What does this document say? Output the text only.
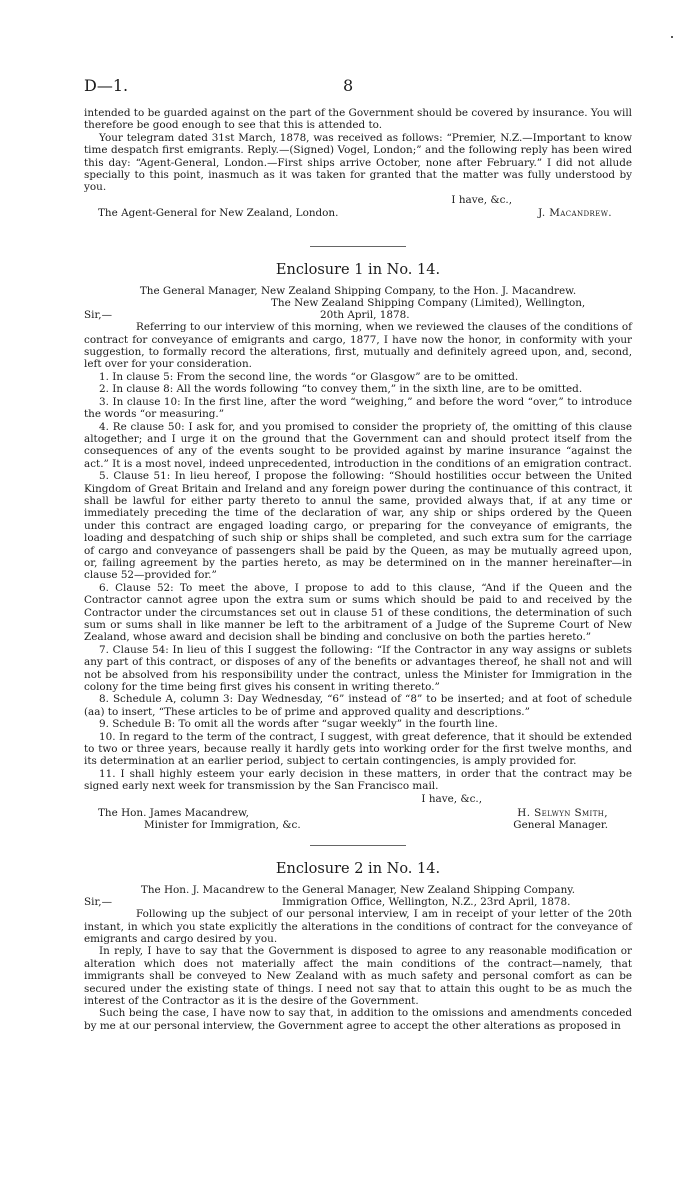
D—1.	8

intended to be guarded against on the part of the Government should be covered by insurance. You will therefore be good enough to see that this is attended to.

Your telegram dated 31st March, 1878, was received as follows: “Premier, N.Z.—Important to know time despatch first emigrants. Reply.—(Signed) Vogel, London;” and the following reply has been wired this day: “Agent-General, London.—First ships arrive October, none after February.” I did not allude specially to this point, inasmuch as it was taken for granted that the matter was fully understood by you.

I have, &c.,
The Agent-General for New Zealand, London.	J. Macandrew.
Enclosure 1 in No. 14.
The General Manager, New Zealand Shipping Company, to the Hon. J. Macandrew.
The New Zealand Shipping Company (Limited), Wellington,
Sir,—	20th April, 1878.

Referring to our interview of this morning, when we reviewed the clauses of the conditions of contract for conveyance of emigrants and cargo, 1877, I have now the honor, in conformity with your suggestion, to formally record the alterations, first, mutually and definitely agreed upon, and, second, left over for your consideration.

1. In clause 5: From the second line, the words “or Glasgow” are to be omitted.

2. In clause 8: All the words following “to convey them,” in the sixth line, are to be omitted.

3. In clause 10: In the first line, after the word “weighing,” and before the word “over,” to introduce the words “or measuring.”

4. Re clause 50: I ask for, and you promised to consider the propriety of, the omitting of this clause altogether; and I urge it on the ground that the Government can and should protect itself from the consequences of any of the events sought to be provided against by marine insurance “against the act.” It is a most novel, indeed unprecedented, introduction in the conditions of an emigration contract.

5. Clause 51: In lieu hereof, I propose the following: “Should hostilities occur between the United Kingdom of Great Britain and Ireland and any foreign power during the continuance of this contract, it shall be lawful for either party thereto to annul the same, provided always that, if at any time or immediately preceding the time of the declaration of war, any ship or ships ordered by the Queen under this contract are engaged loading cargo, or preparing for the conveyance of emigrants, the loading and despatching of such ship or ships shall be completed, and such extra sum for the carriage of cargo and conveyance of passengers shall be paid by the Queen, as may be mutually agreed upon, or, failing agreement by the parties hereto, as may be determined on in the manner hereinafter—in clause 52—provided for.”

6. Clause 52: To meet the above, I propose to add to this clause, “And if the Queen and the Contractor cannot agree upon the extra sum or sums which should be paid to and received by the Contractor under the circumstances set out in clause 51 of these conditions, the determination of such sum or sums shall in like manner be left to the arbitrament of a Judge of the Supreme Court of New Zealand, whose award and decision shall be binding and conclusive on both the parties hereto.”

7. Clause 54: In lieu of this I suggest the following: “If the Contractor in any way assigns or sublets any part of this contract, or disposes of any of the benefits or advantages thereof, he shall not and will not be absolved from his responsibility under the contract, unless the Minister for Immigration in the colony for the time being first gives his consent in writing thereto.”

8. Schedule A, column 3: Day Wednesday, “6” instead of “8” to be inserted; and at foot of schedule (aa) to insert, “These articles to be of prime and approved quality and descriptions.”

9. Schedule B: To omit all the words after “sugar weekly” in the fourth line.

10. In regard to the term of the contract, I suggest, with great deference, that it should be extended to two or three years, because really it hardly gets into working order for the first twelve months, and its determination at an earlier period, subject to certain contingencies, is amply provided for.

11. I shall highly esteem your early decision in these matters, in order that the contract may be signed early next week for transmission by the San Francisco mail.

I have, &c.,
The Hon. James Macandrew,	H. Selwyn Smith,
Minister for Immigration, &c.	General Manager.
Enclosure 2 in No. 14.
The Hon. J. Macandrew to the General Manager, New Zealand Shipping Company.
Sir,—	Immigration Office, Wellington, N.Z., 23rd April, 1878.

Following up the subject of our personal interview, I am in receipt of your letter of the 20th instant, in which you state explicitly the alterations in the conditions of contract for the conveyance of emigrants and cargo desired by you.

In reply, I have to say that the Government is disposed to agree to any reasonable modification or alteration which does not materially affect the main conditions of the contract—namely, that immigrants shall be conveyed to New Zealand with as much safety and personal comfort as can be secured under the existing state of things. I need not say that to attain this ought to be as much the interest of the Contractor as it is the desire of the Government.

Such being the case, I have now to say that, in addition to the omissions and amendments conceded by me at our personal interview, the Government agree to accept the other alterations as proposed in
